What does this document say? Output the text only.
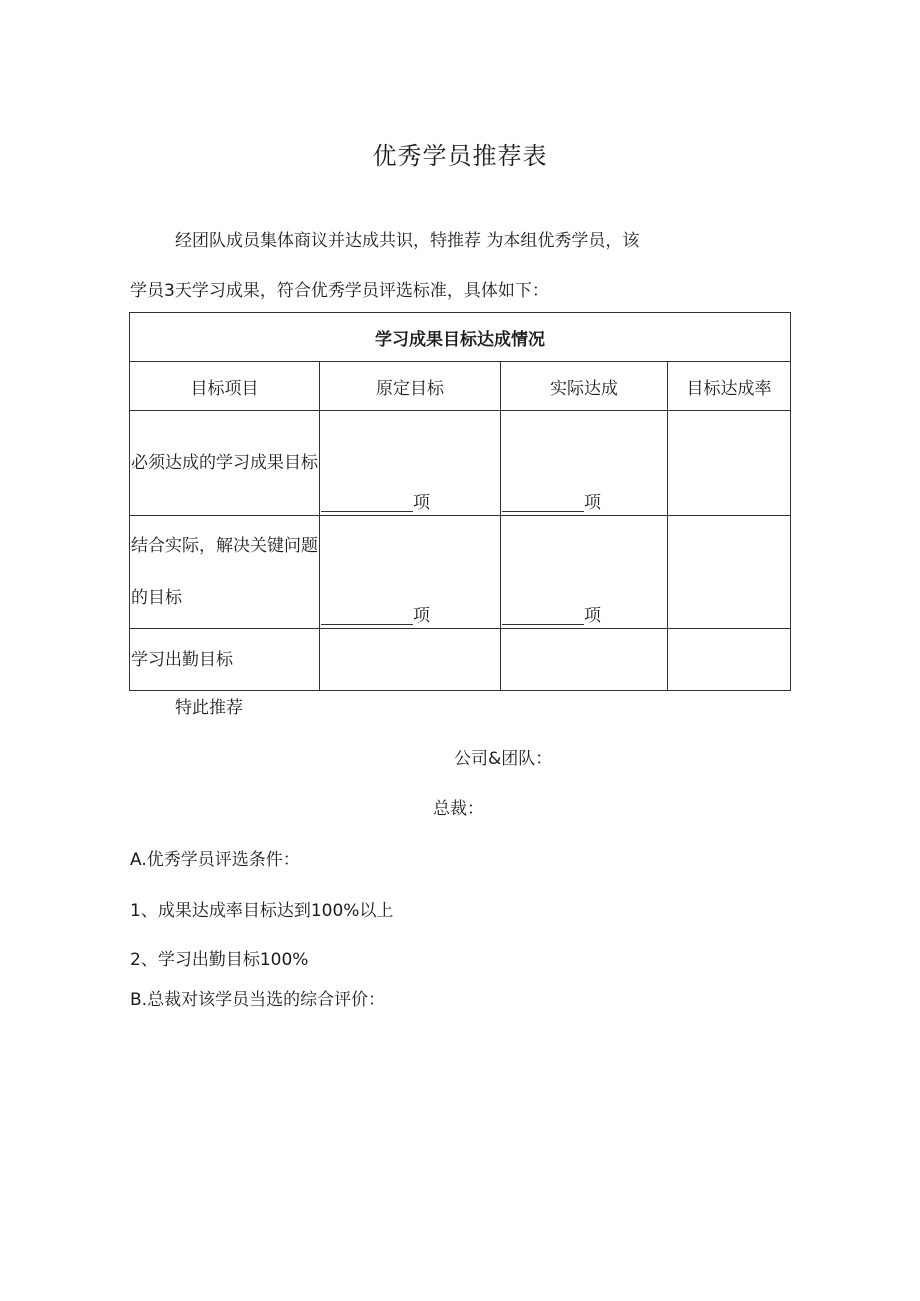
优秀学员推荐表
经团队成员集体商议并达成共识，特推荐 为本组优秀学员，该
学员3天学习成果，符合优秀学员评选标准，具体如下：
学习成果目标达成情况			
目标项目	原定目标	实际达成	目标达成率

必须达成的学习成果目标	项	项	

结合实际，解决关键问题的目标	项	项	

学习出勤目标			

特此推荐
公司&团队：
总裁：
A.优秀学员评选条件：
1、成果达成率目标达到100%以上
2、学习出勤目标100%
B.总裁对该学员当选的综合评价：
